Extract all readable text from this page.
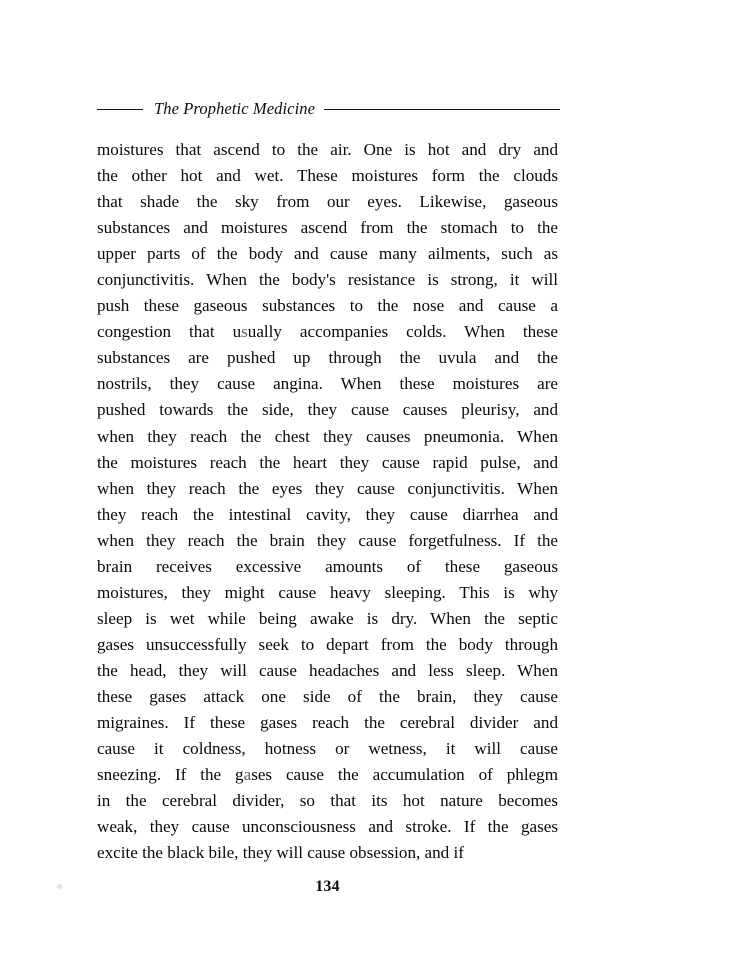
The Prophetic Medicine

moistures that ascend to the air. One is hot and dry and
the other hot and wet. These moistures form the clouds
that shade the sky from our eyes. Likewise, gaseous
substances and moistures ascend from the stomach to the
upper parts of the body and cause many ailments, such as
conjunctivitis. When the body's resistance is strong, it will
push these gaseous substances to the nose and cause a
congestion that usually accompanies colds. When these
substances are pushed up through the uvula and the
nostrils, they cause angina. When these moistures are
pushed towards the side, they cause causes pleurisy, and
when they reach the chest they causes pneumonia. When
the moistures reach the heart they cause rapid pulse, and
when they reach the eyes they cause conjunctivitis. When
they reach the intestinal cavity, they cause diarrhea and
when they reach the brain they cause forgetfulness. If the
brain receives excessive amounts of these gaseous
moistures, they might cause heavy sleeping. This is why
sleep is wet while being awake is dry. When the septic
gases unsuccessfully seek to depart from the body through
the head, they will cause headaches and less sleep. When
these gases attack one side of the brain, they cause
migraines. If these gases reach the cerebral divider and
cause it coldness, hotness or wetness, it will cause
sneezing. If the gases cause the accumulation of phlegm
in the cerebral divider, so that its hot nature becomes
weak, they cause unconsciousness and stroke. If the gases
excite the black bile, they will cause obsession, and if

134
